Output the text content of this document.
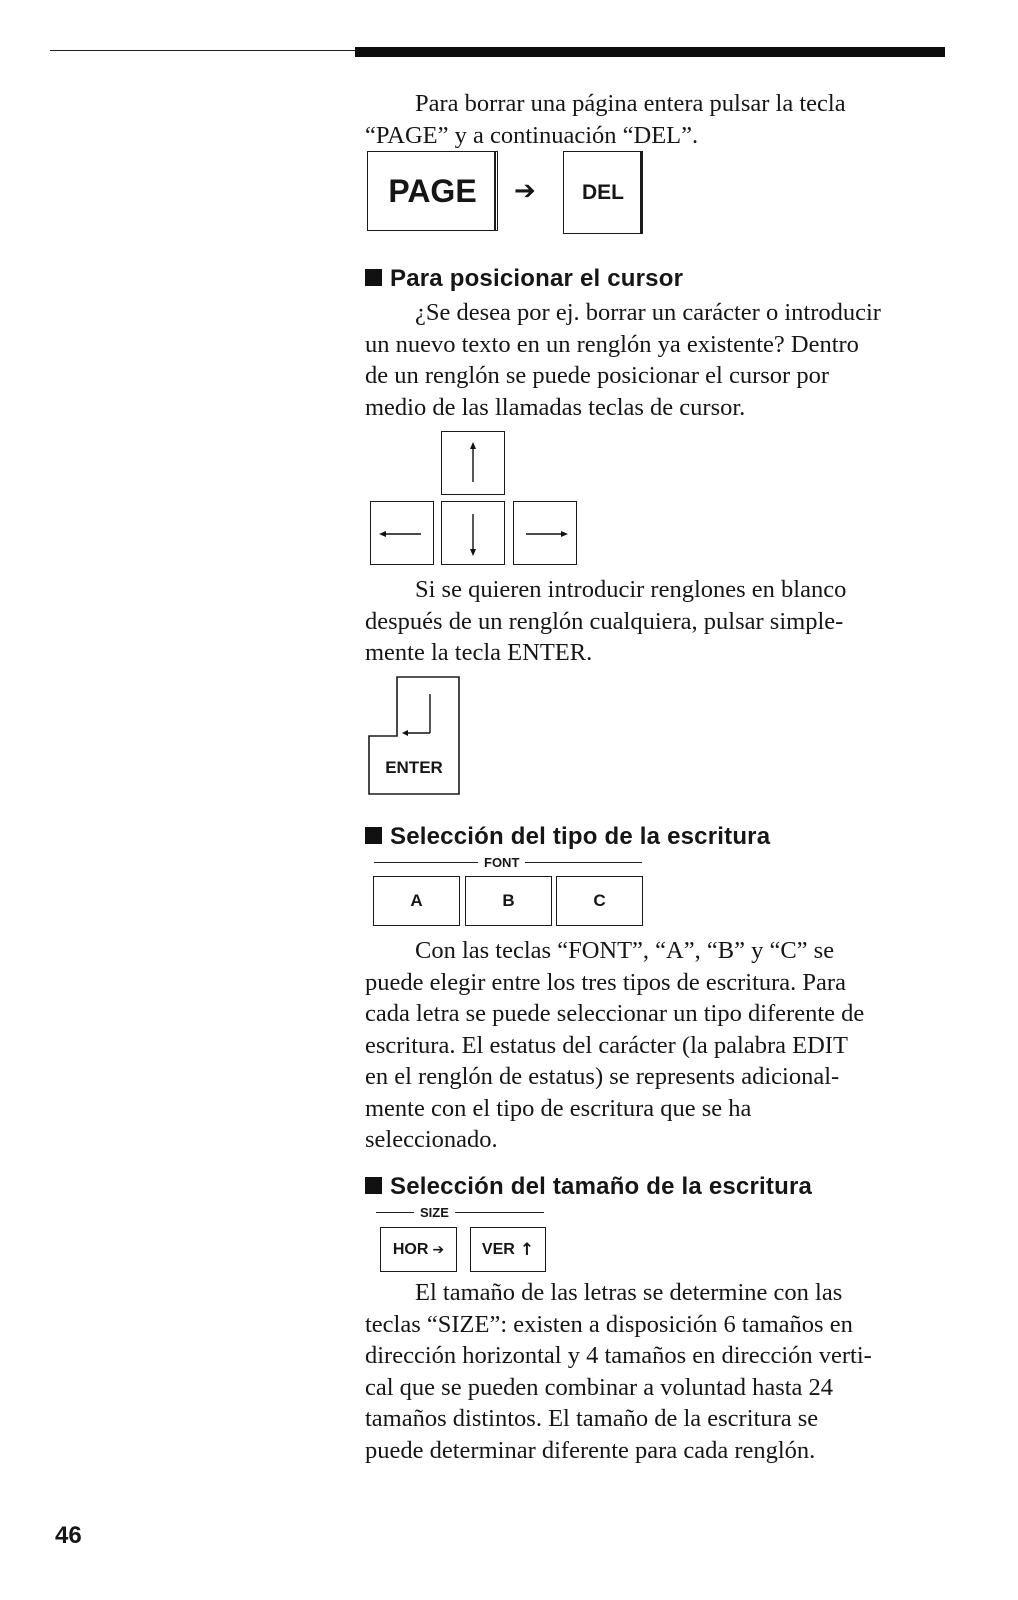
Para borrar una página entera pulsar la tecla
“PAGE” y a continuación “DEL”.
PAGE ➔ DEL
Para posicionar el cursor
¿Se desea por ej. borrar un carácter o introducir
un nuevo texto en un renglón ya existente? Dentro
de un renglón se puede posicionar el cursor por
medio de las llamadas teclas de cursor.
Si se quieren introducir renglones en blanco
después de un renglón cualquiera, pulsar simple-
mente la tecla ENTER.
ENTER
Selección del tipo de la escritura
FONT
A	B	C
Con las teclas “FONT”, “A”, “B” y “C” se
puede elegir entre los tres tipos de escritura. Para
cada letra se puede seleccionar un tipo diferente de
escritura. El estatus del carácter (la palabra EDIT
en el renglón de estatus) se represents adicional-
mente con el tipo de escritura que se ha
seleccionado.
Selección del tamaño de la escritura
SIZE
HOR ➔ VER ↑
El tamaño de las letras se determine con las
teclas “SIZE”: existen a disposición 6 tamaños en
dirección horizontal y 4 tamaños en dirección verti-
cal que se pueden combinar a voluntad hasta 24
tamaños distintos. El tamaño de la escritura se
puede determinar diferente para cada renglón.
46
